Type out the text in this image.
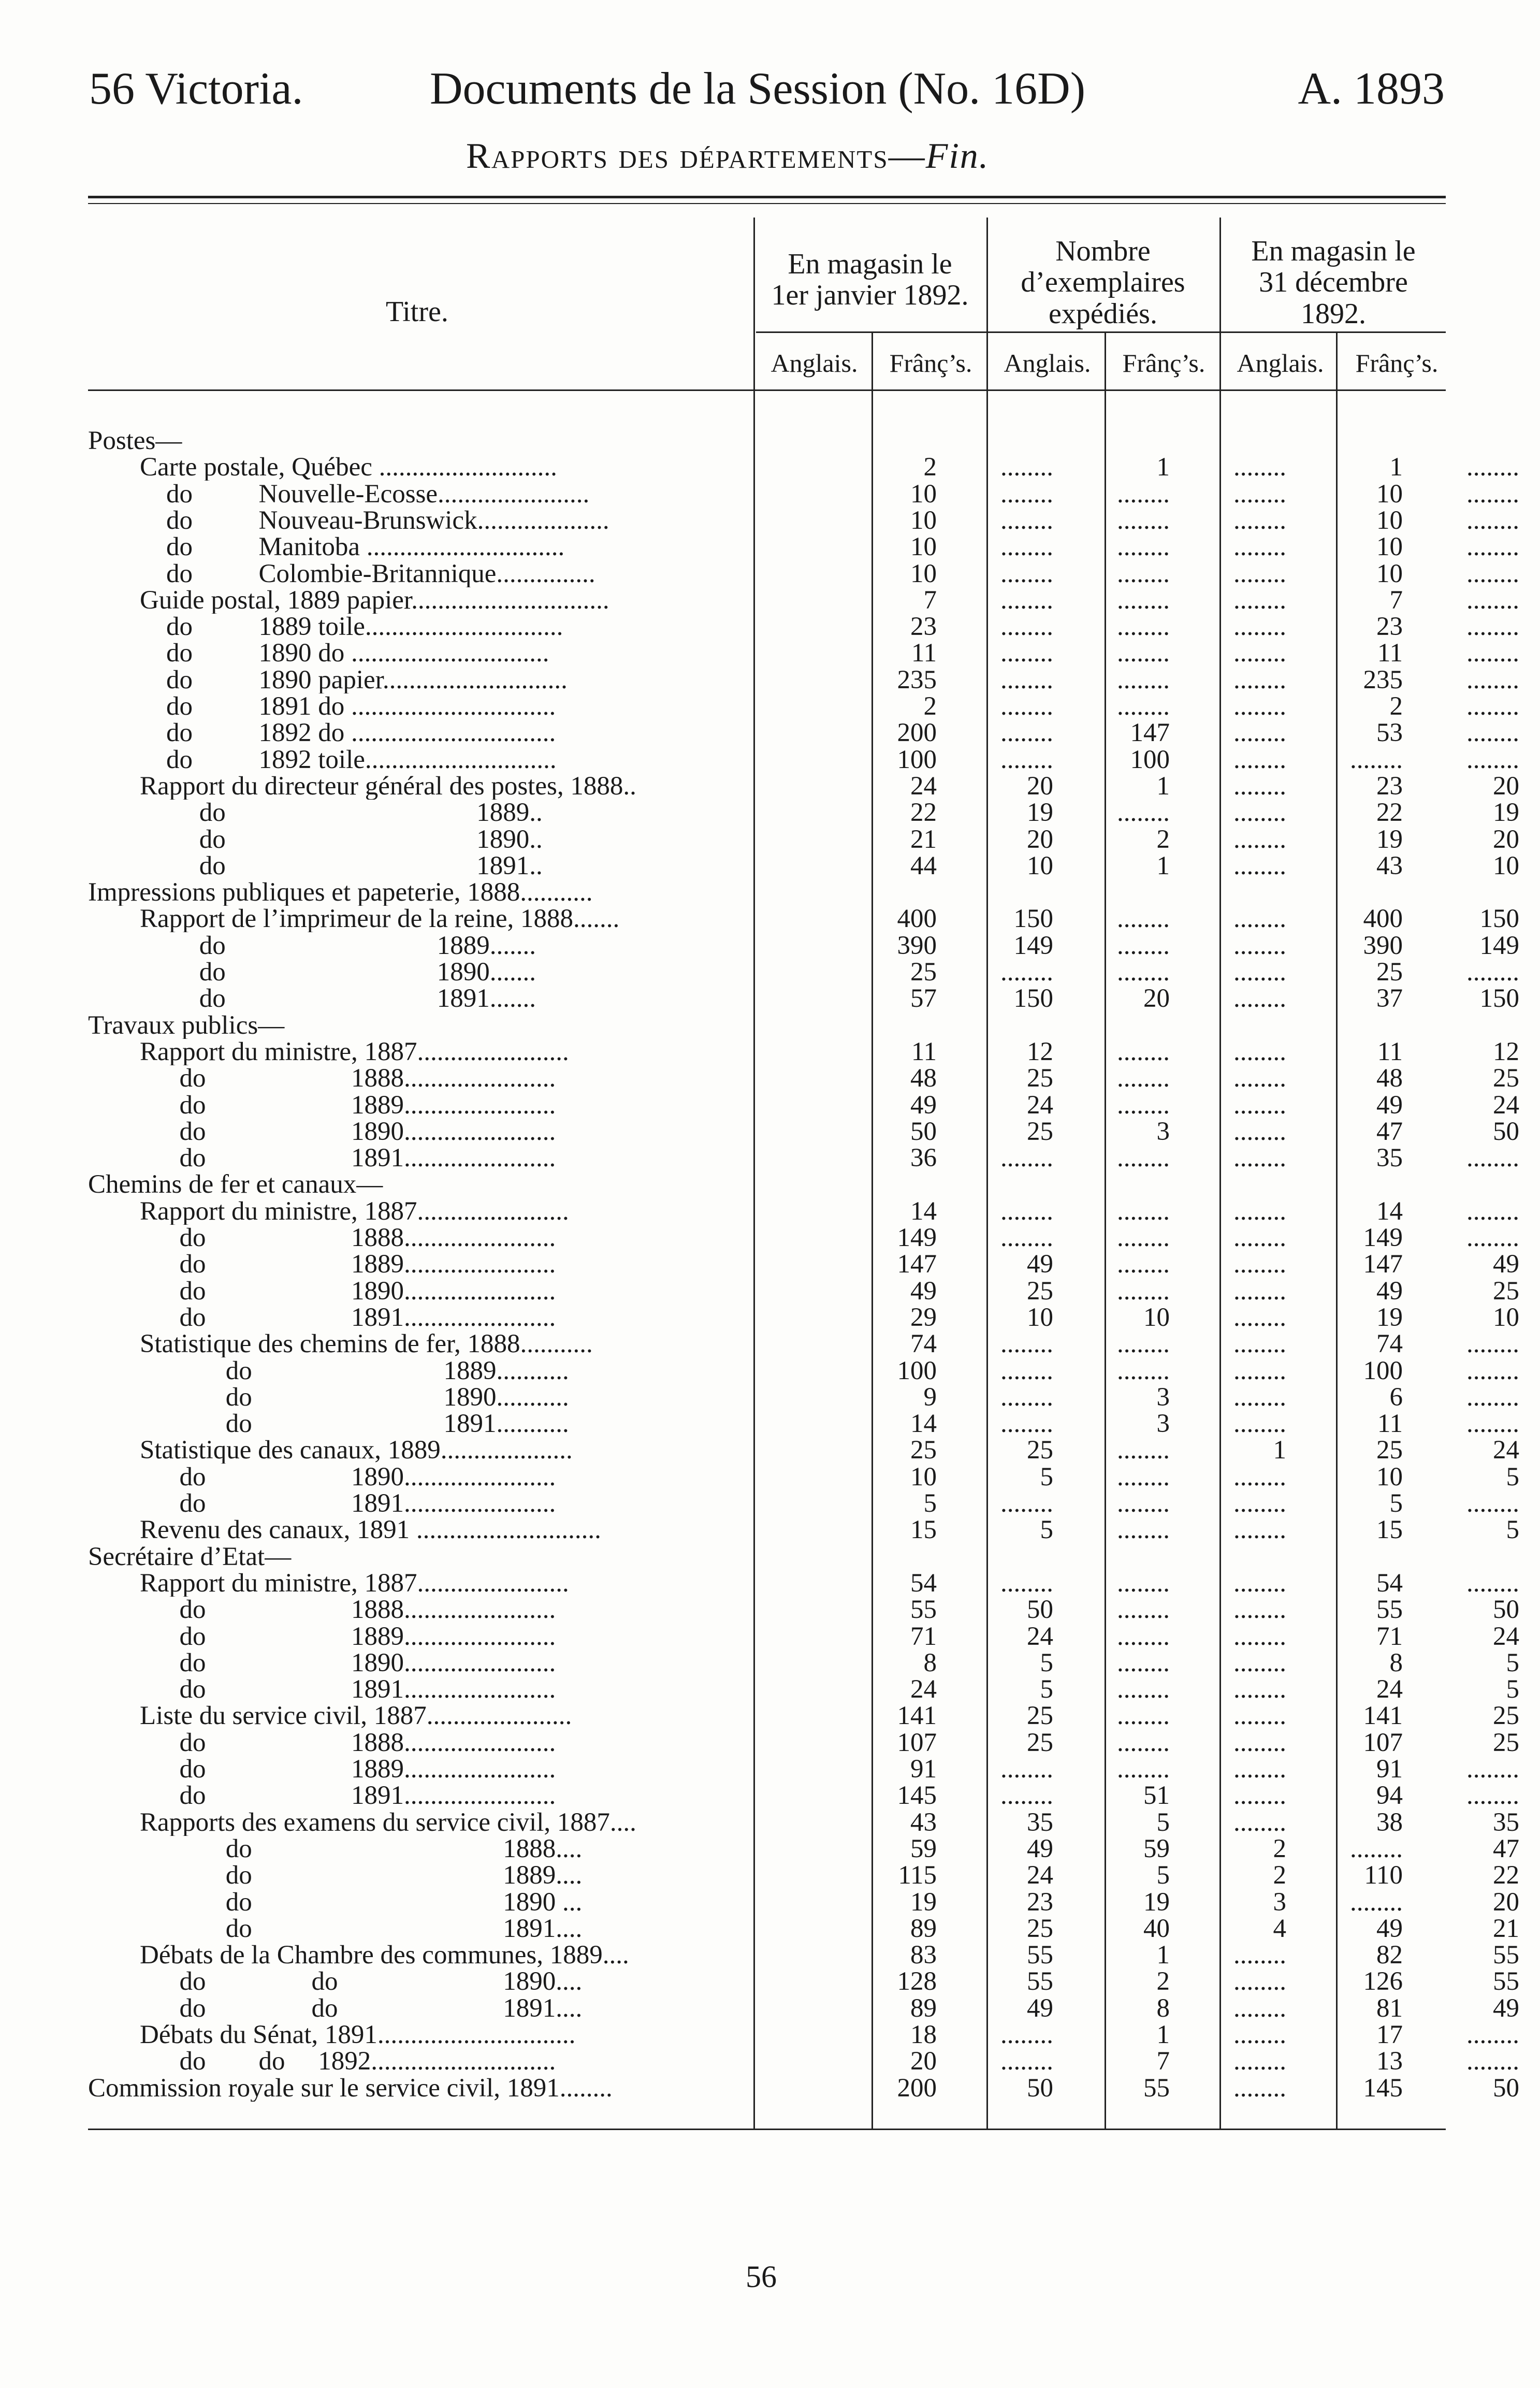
56 Victoria.	Documents de la Session (No. 16D)	A. 1893
Rapports des départements—Fin.
Titre.
En magasin le
1er janvier 1892.
Nombre
d’exemplaires
expédiés.
En magasin le
31 décembre
1892.
Anglais.	Frânç’s.	Anglais.	Frânç’s.	Anglais.	Frânç’s.
Postes—
Carte postale, Québec ...........................	2	........	1	........	1	........
do          Nouvelle-Ecosse.......................	10	........	........	........	10	........
do          Nouveau-Brunswick....................	10	........	........	........	10	........
do          Manitoba ..............................	10	........	........	........	10	........
do          Colombie-Britannique...............	10	........	........	........	10	........
Guide postal, 1889 papier..............................	7	........	........	........	7	........
do          1889 toile..............................	23	........	........	........	23	........
do          1890 do ..............................	11	........	........	........	11	........
do          1890 papier............................	235	........	........	........	235	........
do          1891 do ...............................	2	........	........	........	2	........
do          1892 do ...............................	200	........	147	........	53	........
do          1892 toile.............................	100	........	100	........	........	........
Rapport du directeur général des postes, 1888..	24	20	1	........	23	20
do                                      1889..	22	19	........	........	22	19
do                                      1890..	21	20	2	........	19	20
do                                      1891..	44	10	1	........	43	10
Impressions publiques et papeterie, 1888...........
Rapport de l’imprimeur de la reine, 1888.......	400	150	........	........	400	150
do                                1889.......	390	149	........	........	390	149
do                                1890.......	25	........	........	........	25	........
do                                1891.......	57	150	20	........	37	150
Travaux publics—
Rapport du ministre, 1887.......................	11	12	........	........	11	12
do                      1888.......................	48	25	........	........	48	25
do                      1889.......................	49	24	........	........	49	24
do                      1890.......................	50	25	3	........	47	50
do                      1891.......................	36	........	........	........	35	........
Chemins de fer et canaux—
Rapport du ministre, 1887.......................	14	........	........	........	14	........
do                      1888.......................	149	........	........	........	149	........
do                      1889.......................	147	49	........	........	147	49
do                      1890.......................	49	25	........	........	49	25
do                      1891.......................	29	10	10	........	19	10
Statistique des chemins de fer, 1888...........	74	........	........	........	74	........
do                             1889...........	100	........	........	........	100	........
do                             1890...........	9	........	3	........	6	........
do                             1891...........	14	........	3	........	11	........
Statistique des canaux, 1889....................	25	25	........	1	25	24
do                      1890.......................	10	5	........	........	10	5
do                      1891.......................	5	........	........	........	5	........
Revenu des canaux, 1891 ............................	15	5	........	........	15	5
Secrétaire d’Etat—
Rapport du ministre, 1887.......................	54	........	........	........	54	........
do                      1888.......................	55	50	........	........	55	50
do                      1889.......................	71	24	........	........	71	24
do                      1890.......................	8	5	........	........	8	5
do                      1891.......................	24	5	........	........	24	5
Liste du service civil, 1887......................	141	25	........	........	141	25
do                      1888.......................	107	25	........	........	107	25
do                      1889.......................	91	........	........	........	91	........
do                      1891.......................	145	........	51	........	94	........
Rapports des examens du service civil, 1887....	43	35	5	........	38	35
do                                      1888....	59	49	59	2	........	47
do                                      1889....	115	24	5	2	110	22
do                                      1890 ...	19	23	19	3	........	20
do                                      1891....	89	25	40	4	49	21
Débats de la Chambre des communes, 1889....	83	55	1	........	82	55
do                do                         1890....	128	55	2	........	126	55
do                do                         1891....	89	49	8	........	81	49
Débats du Sénat, 1891..............................	18	........	1	........	17	........
do        do     1892............................	20	........	7	........	13	........
Commission royale sur le service civil, 1891........	200	50	55	........	145	50
56
